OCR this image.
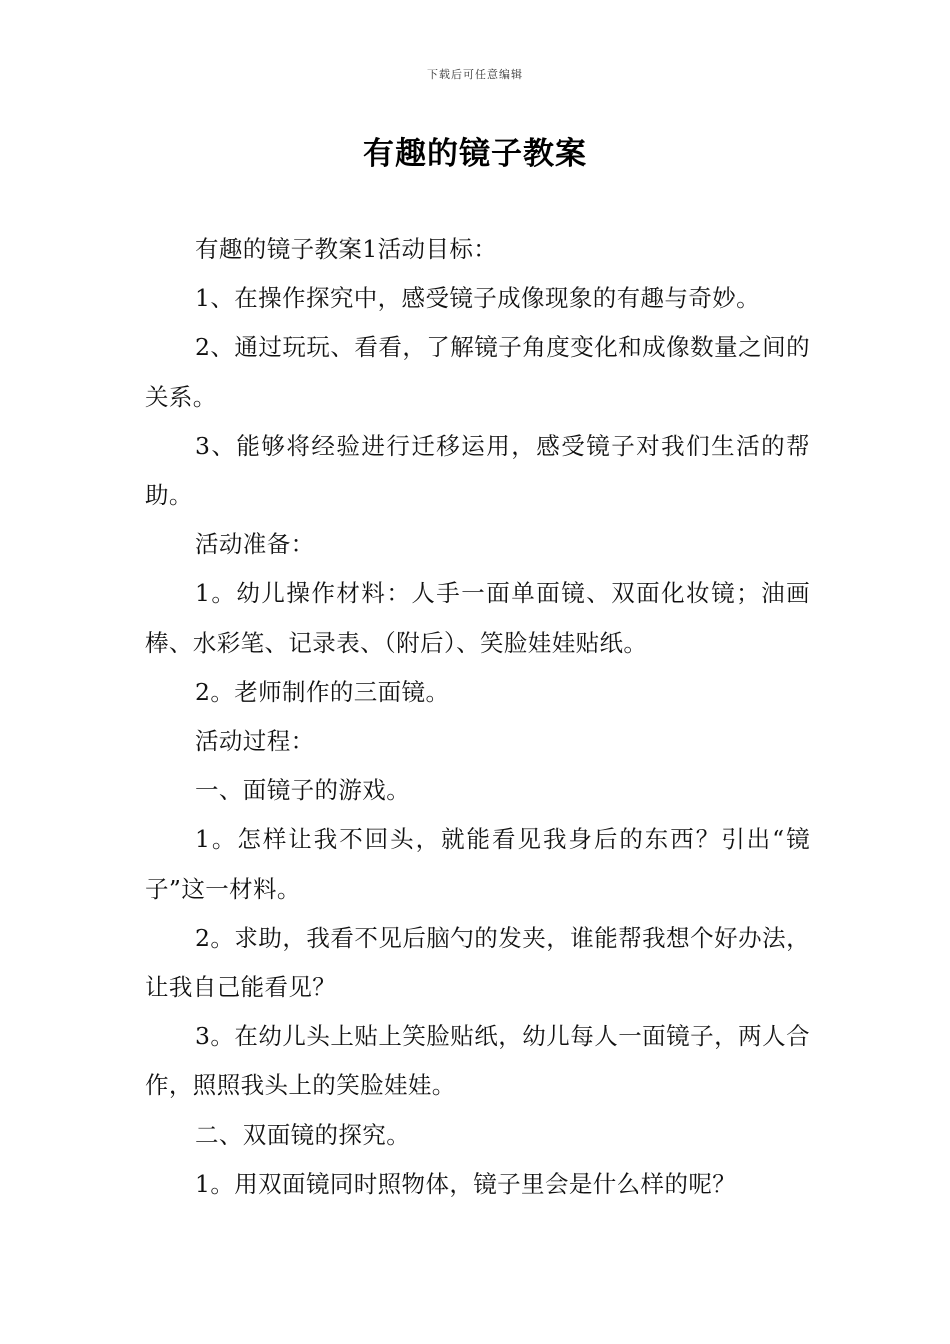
下载后可任意编辑
有趣的镜子教案

有趣的镜子教案1活动目标：

1、在操作探究中，感受镜子成像现象的有趣与奇妙。

2、通过玩玩、看看，了解镜子角度变化和成像数量之间的关系。

3、能够将经验进行迁移运用，感受镜子对我们生活的帮助。

活动准备：

1。幼儿操作材料：人手一面单面镜、双面化妆镜；油画棒、水彩笔、记录表、（附后）、笑脸娃娃贴纸。

2。老师制作的三面镜。

活动过程：

一、面镜子的游戏。

1。怎样让我不回头，就能看见我身后的东西？引出“镜子”这一材料。

2。求助，我看不见后脑勺的发夹，谁能帮我想个好办法，让我自己能看见？

3。在幼儿头上贴上笑脸贴纸，幼儿每人一面镜子，两人合作，照照我头上的笑脸娃娃。

二、双面镜的探究。

1。用双面镜同时照物体，镜子里会是什么样的呢？
